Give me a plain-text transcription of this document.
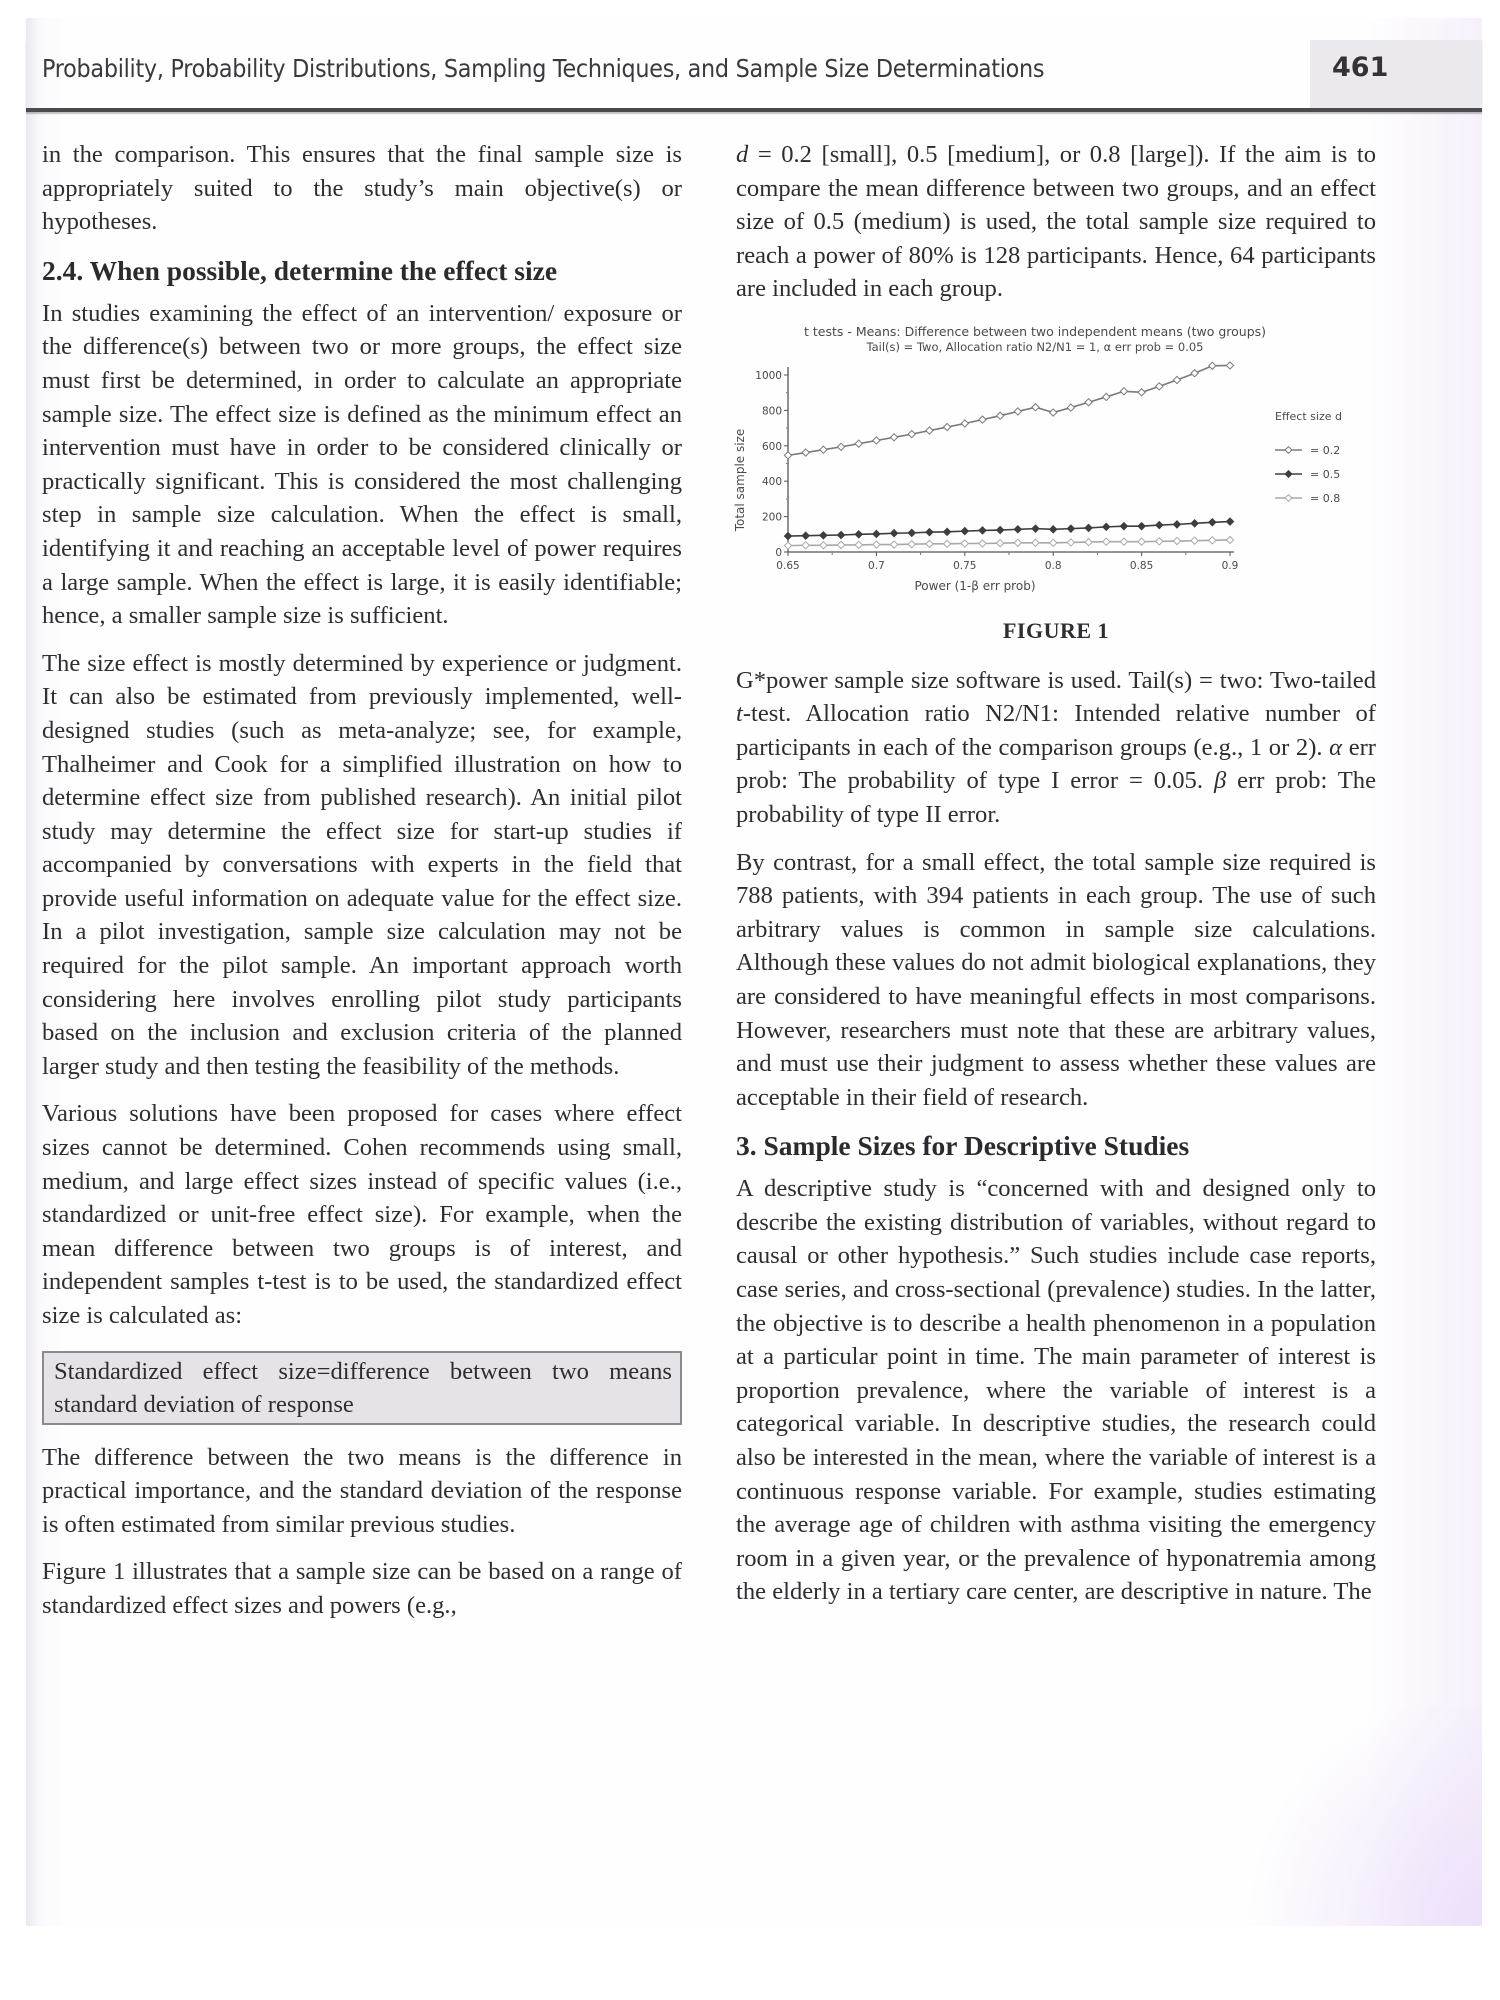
Probability, Probability Distributions, Sampling Techniques, and Sample Size Determinations	461

in the comparison. This ensures that the final sample size is appropriately suited to the study’s main objective(s) or hypotheses.

2.4. When possible, determine the effect size

In studies examining the effect of an intervention/ exposure or the difference(s) between two or more groups, the effect size must first be determined, in order to calculate an appropriate sample size. The effect size is defined as the minimum effect an intervention must have in order to be considered clinically or practically significant. This is considered the most challenging step in sample size calculation. When the effect is small, identifying it and reaching an acceptable level of power requires a large sample. When the effect is large, it is easily identifiable; hence, a smaller sample size is sufficient.

The size effect is mostly determined by experience or judgment. It can also be estimated from previously implemented, well-designed studies (such as meta-analyze; see, for example, Thalheimer and Cook for a simplified illustration on how to determine effect size from published research). An initial pilot study may determine the effect size for start-up studies if accompanied by conversations with experts in the field that provide useful information on adequate value for the effect size. In a pilot investigation, sample size calculation may not be required for the pilot sample. An important approach worth considering here involves enrolling pilot study participants based on the inclusion and exclusion criteria of the planned larger study and then testing the feasibility of the methods.

Various solutions have been proposed for cases where effect sizes cannot be determined. Cohen recommends using small, medium, and large effect sizes instead of specific values (i.e., standardized or unit-free effect size). For example, when the mean difference between two groups is of interest, and independent samples t-test is to be used, the standardized effect size is calculated as:

Standardized effect size=difference between two means standard deviation of response

The difference between the two means is the difference in practical importance, and the standard deviation of the response is often estimated from similar previous studies.

Figure 1 illustrates that a sample size can be based on a range of standardized effect sizes and powers (e.g.,

d = 0.2 [small], 0.5 [medium], or 0.8 [large]). If the aim is to compare the mean difference between two groups, and an effect size of 0.5 (medium) is used, the total sample size required to reach a power of 80% is 128 participants. Hence, 64 participants are included in each group.

t tests - Means: Difference between two independent means (two groups)
Tail(s) = Two, Allocation ratio N2/N1 = 1, α err prob = 0.05
Total sample size
Power (1-β err prob)
0
200
400
600
800
1000
0.65	0.7	0.75	0.8	0.85	0.9
Effect size d
= 0.2
= 0.5
= 0.8
FIGURE 1

G*power sample size software is used. Tail(s) = two: Two-tailed t-test. Allocation ratio N2/N1: Intended relative number of participants in each of the comparison groups (e.g., 1 or 2). α err prob: The probability of type I error = 0.05. β err prob: The probability of type II error.

By contrast, for a small effect, the total sample size required is 788 patients, with 394 patients in each group. The use of such arbitrary values is common in sample size calculations. Although these values do not admit biological explanations, they are considered to have meaningful effects in most comparisons. However, researchers must note that these are arbitrary values, and must use their judgment to assess whether these values are acceptable in their field of research.

3. Sample Sizes for Descriptive Studies

A descriptive study is “concerned with and designed only to describe the existing distribution of variables, without regard to causal or other hypothesis.” Such studies include case reports, case series, and cross-sectional (prevalence) studies. In the latter, the objective is to describe a health phenomenon in a population at a particular point in time. The main parameter of interest is proportion prevalence, where the variable of interest is a categorical variable. In descriptive studies, the research could also be interested in the mean, where the variable of interest is a continuous response variable. For example, studies estimating the average age of children with asthma visiting the emergency room in a given year, or the prevalence of hyponatremia among the elderly in a tertiary care center, are descriptive in nature. The
